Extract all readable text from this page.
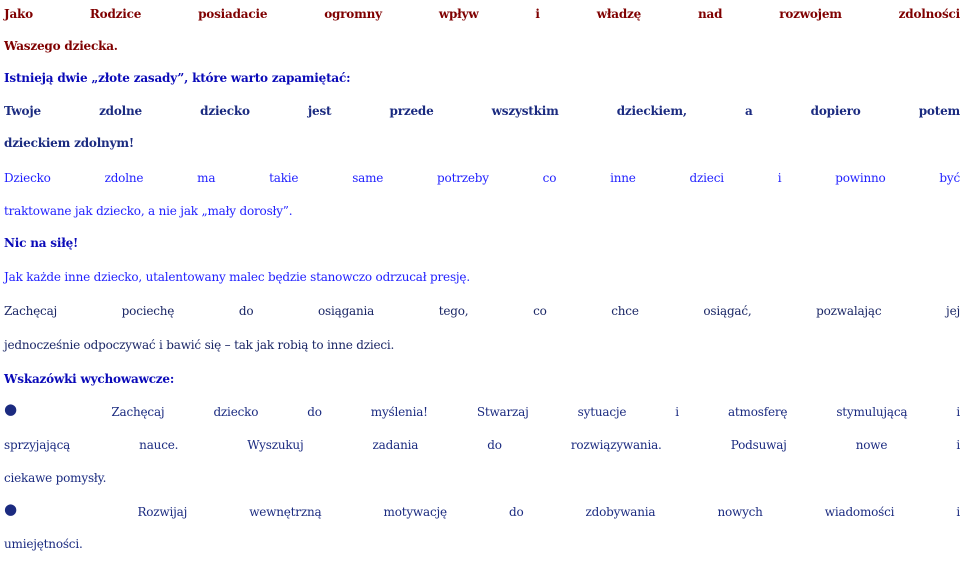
Jako Rodzice posiadacie ogromny wpływ i władzę nad rozwojem zdolności
Waszego dziecka.
Istnieją dwie „złote zasady”, które warto zapamiętać:
Twoje zdolne dziecko jest przede wszystkim dzieckiem, a dopiero potem
dzieckiem zdolnym!
Dziecko zdolne ma takie same potrzeby co inne dzieci i powinno być
traktowane jak dziecko, a nie jak „mały dorosły”.
Nic na siłę!
Jak każde inne dziecko, utalentowany malec będzie stanowczo odrzucał presję.
Zachęcaj pociechę do osiągania tego, co chce osiągać, pozwalając jej
jednocześnie odpoczywać i bawić się – tak jak robią to inne dzieci.
Wskazówki wychowawcze:
●	Zachęcaj dziecko do myślenia! Stwarzaj sytuacje i atmosferę stymulującą i
sprzyjającą nauce. Wyszukuj zadania do rozwiązywania. Podsuwaj nowe i
ciekawe pomysły.
●	Rozwijaj wewnętrzną motywację do zdobywania nowych wiadomości i
umiejętności.
